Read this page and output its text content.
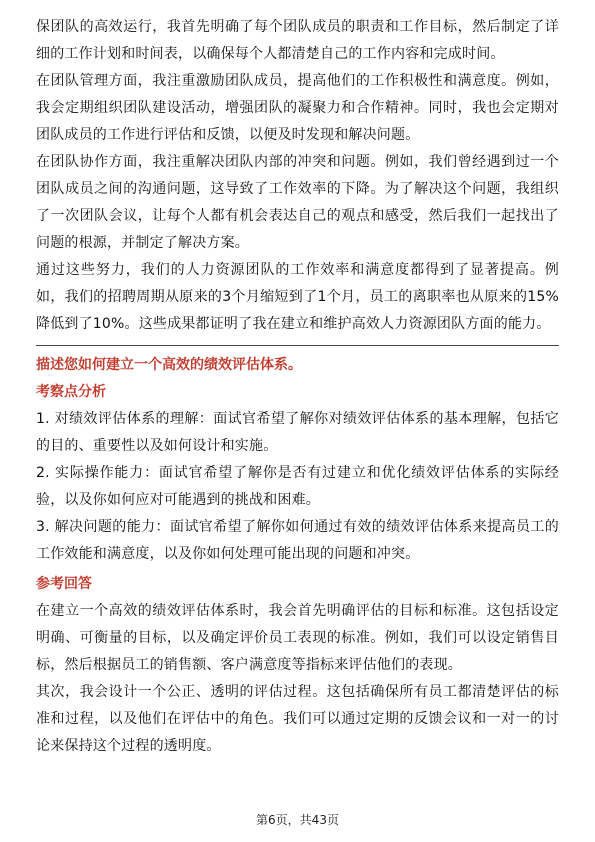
保团队的高效运行，我首先明确了每个团队成员的职责和工作目标，然后制定了详细的工作计划和时间表，以确保每个人都清楚自己的工作内容和完成时间。

在团队管理方面，我注重激励团队成员，提高他们的工作积极性和满意度。例如，我会定期组织团队建设活动，增强团队的凝聚力和合作精神。同时，我也会定期对团队成员的工作进行评估和反馈，以便及时发现和解决问题。

在团队协作方面，我注重解决团队内部的冲突和问题。例如，我们曾经遇到过一个团队成员之间的沟通问题，这导致了工作效率的下降。为了解决这个问题，我组织了一次团队会议，让每个人都有机会表达自己的观点和感受，然后我们一起找出了问题的根源，并制定了解决方案。

通过这些努力，我们的人力资源团队的工作效率和满意度都得到了显著提高。例如，我们的招聘周期从原来的3个月缩短到了1个月，员工的离职率也从原来的15%降低到了10%。这些成果都证明了我在建立和维护高效人力资源团队方面的能力。

描述您如何建立一个高效的绩效评估体系。

考察点分析

1. 对绩效评估体系的理解：面试官希望了解你对绩效评估体系的基本理解，包括它的目的、重要性以及如何设计和实施。

2. 实际操作能力：面试官希望了解你是否有过建立和优化绩效评估体系的实际经验，以及你如何应对可能遇到的挑战和困难。

3. 解决问题的能力：面试官希望了解你如何通过有效的绩效评估体系来提高员工的工作效能和满意度，以及你如何处理可能出现的问题和冲突。

参考回答

在建立一个高效的绩效评估体系时，我会首先明确评估的目标和标准。这包括设定明确、可衡量的目标，以及确定评价员工表现的标准。例如，我们可以设定销售目标，然后根据员工的销售额、客户满意度等指标来评估他们的表现。

其次，我会设计一个公正、透明的评估过程。这包括确保所有员工都清楚评估的标准和过程，以及他们在评估中的角色。我们可以通过定期的反馈会议和一对一的讨论来保持这个过程的透明度。

第6页，共43页
